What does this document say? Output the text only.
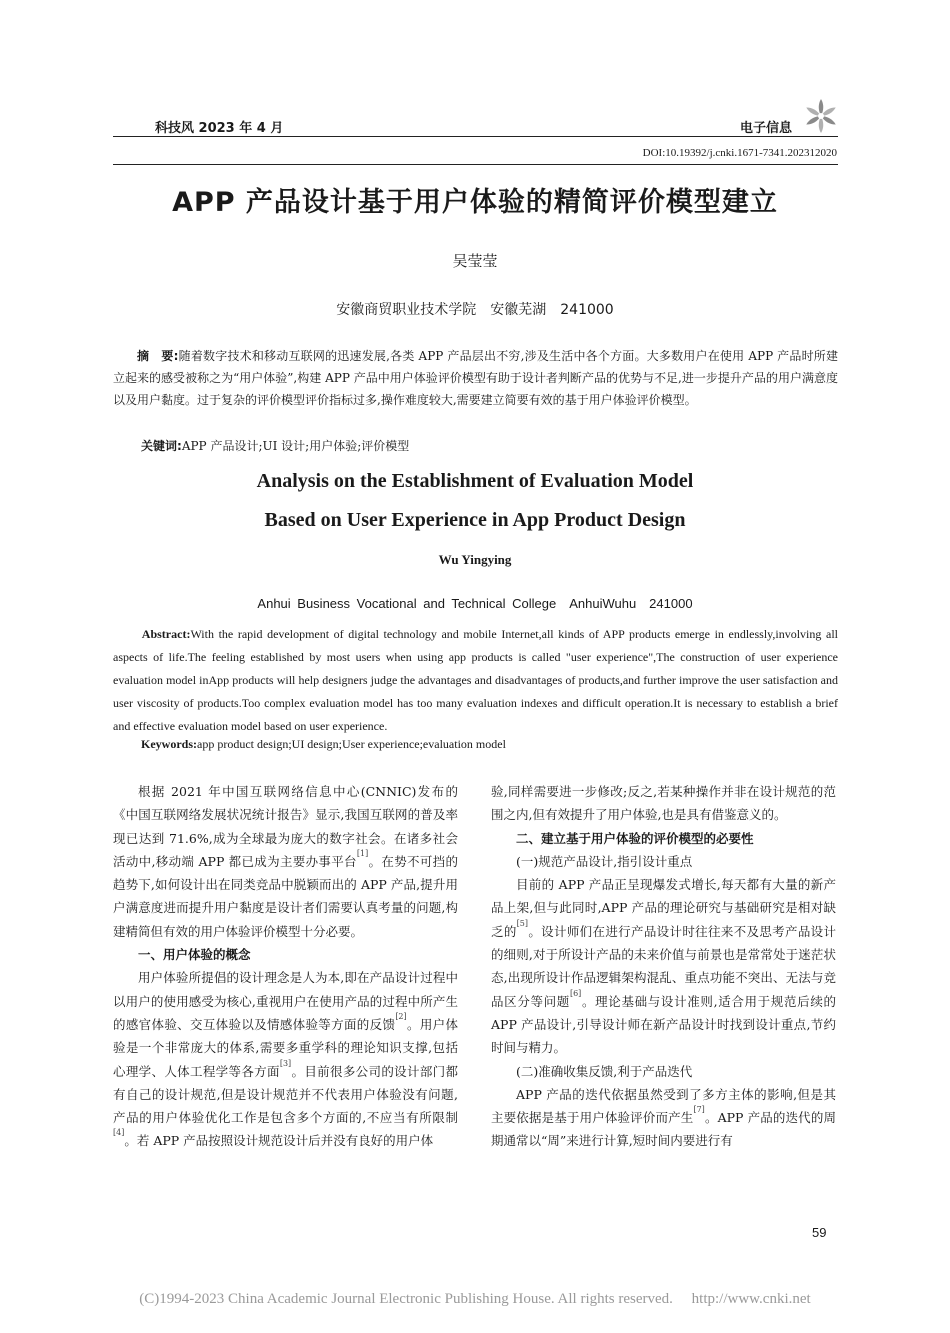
科技风 2023 年 4 月	电子信息
DOI:10.19392/j.cnki.1671-7341.202312020
APP 产品设计基于用户体验的精简评价模型建立
吴莹莹
安徽商贸职业技术学院　安徽芜湖　241000
摘　要:随着数字技术和移动互联网的迅速发展,各类 APP 产品层出不穷,涉及生活中各个方面。大多数用户在使用 APP 产品时所建立起来的感受被称之为“用户体验”,构建 APP 产品中用户体验评价模型有助于设计者判断产品的优势与不足,进一步提升产品的用户满意度以及用户黏度。过于复杂的评价模型评价指标过多,操作难度较大,需要建立简要有效的基于用户体验评价模型。
关键词:APP 产品设计;UI 设计;用户体验;评价模型
Analysis on the Establishment of Evaluation Model
Based on User Experience in App Product Design
Wu Yingying
Anhui Business Vocational and Technical College　AnhuiWuhu　241000
Abstract:With the rapid development of digital technology and mobile Internet,all kinds of APP products emerge in endlessly,involving all aspects of life.The feeling established by most users when using app products is called "user experience",The construction of user experience evaluation model inApp products will help designers judge the advantages and disadvantages of products,and further improve the user satisfaction and user viscosity of products.Too complex evaluation model has too many evaluation indexes and difficult operation.It is necessary to establish a brief and effective evaluation model based on user experience.
Keywords:app product design;UI design;User experience;evaluation model

根据 2021 年中国互联网络信息中心(CNNIC)发布的《中国互联网络发展状况统计报告》显示,我国互联网的普及率现已达到 71.6%,成为全球最为庞大的数字社会。在诸多社会活动中,移动端 APP 都已成为主要办事平台[1]。在势不可挡的趋势下,如何设计出在同类竞品中脱颖而出的 APP 产品,提升用户满意度进而提升用户黏度是设计者们需要认真考量的问题,构建精简但有效的用户体验评价模型十分必要。

一、用户体验的概念

用户体验所提倡的设计理念是人为本,即在产品设计过程中以用户的使用感受为核心,重视用户在使用产品的过程中所产生的感官体验、交互体验以及情感体验等方面的反馈[2]。用户体验是一个非常庞大的体系,需要多重学科的理论知识支撑,包括心理学、人体工程学等各方面[3]。目前很多公司的设计部门都有自己的设计规范,但是设计规范并不代表用户体验没有问题,产品的用户体验优化工作是包含多个方面的,不应当有所限制[4]。若 APP 产品按照设计规范设计后并没有良好的用户体

验,同样需要进一步修改;反之,若某种操作并非在设计规范的范围之内,但有效提升了用户体验,也是具有借鉴意义的。

二、建立基于用户体验的评价模型的必要性
(一)规范产品设计,指引设计重点

目前的 APP 产品正呈现爆发式增长,每天都有大量的新产品上架,但与此同时,APP 产品的理论研究与基础研究是相对缺乏的[5]。设计师们在进行产品设计时往往来不及思考产品设计的细则,对于所设计产品的未来价值与前景也是常常处于迷茫状态,出现所设计作品逻辑架构混乱、重点功能不突出、无法与竞品区分等问题[6]。理论基础与设计准则,适合用于规范后续的 APP 产品设计,引导设计师在新产品设计时找到设计重点,节约时间与精力。

(二)准确收集反馈,利于产品迭代

APP 产品的迭代依据虽然受到了多方主体的影响,但是其主要依据是基于用户体验评价而产生[7]。APP 产品的迭代的周期通常以“周”来进行计算,短时间内要进行有

59
(C)1994-2023 China Academic Journal Electronic Publishing House. All rights reserved.　 http://www.cnki.net
